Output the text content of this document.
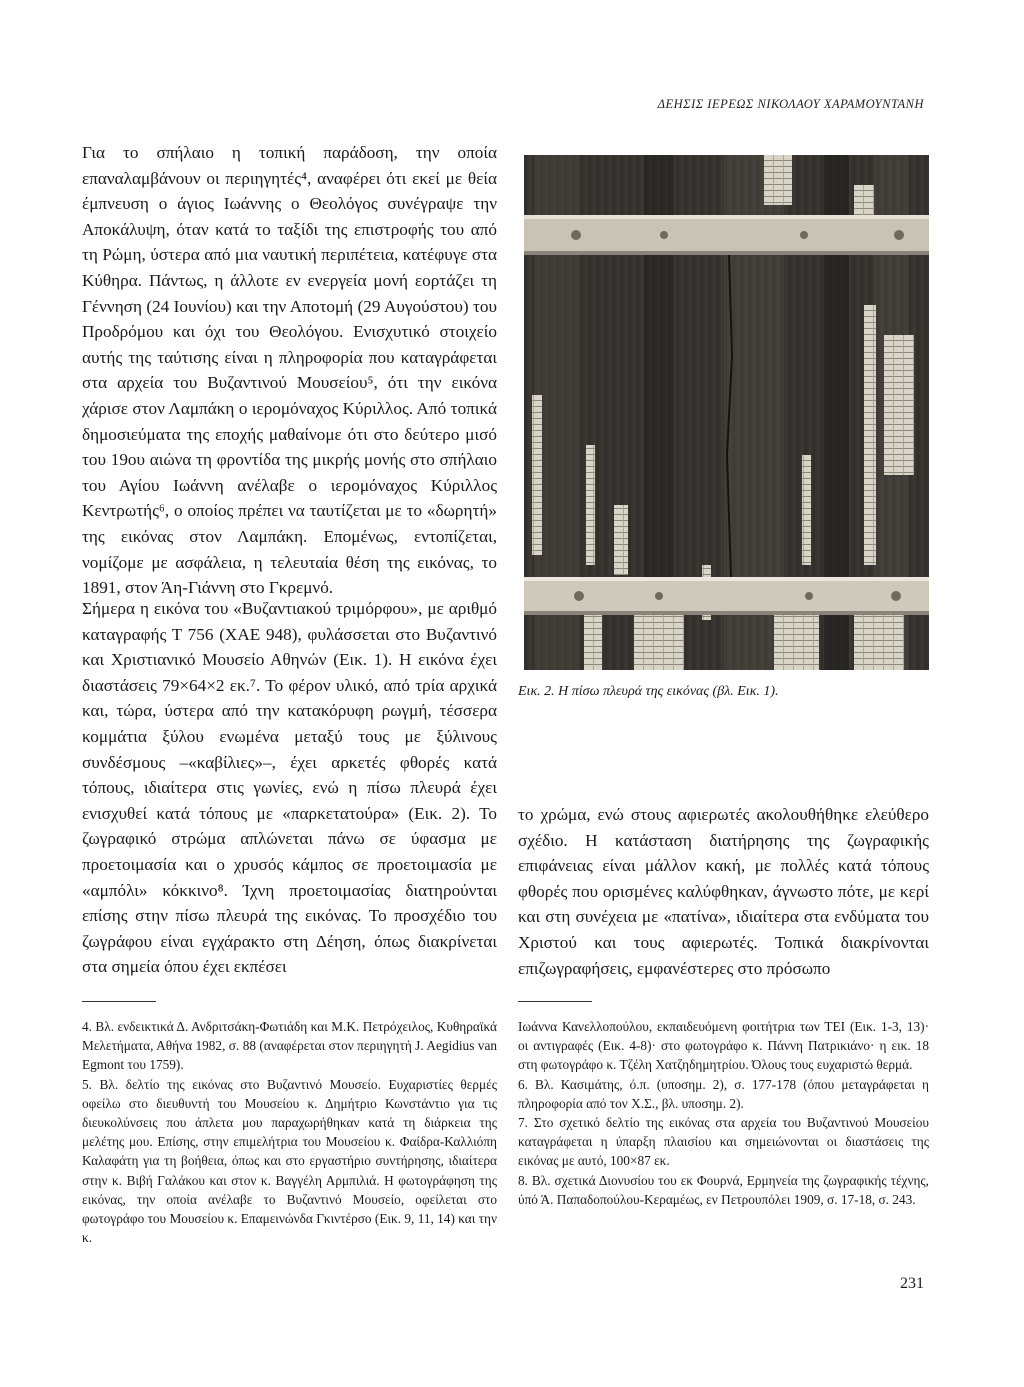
ΔΕΗΣΙΣ ΙΕΡΕΩΣ ΝΙΚΟΛΑΟΥ ΧΑΡΑΜΟΥΝΤΑΝΗ

Για το σπήλαιο η τοπική παράδοση, την οποία επαναλαμβάνουν οι περιηγητές⁴, αναφέρει ότι εκεί με θεία έμπνευση ο άγιος Ιωάννης ο Θεολόγος συνέγραψε την Αποκάλυψη, όταν κατά το ταξίδι της επιστροφής του από τη Ρώμη, ύστερα από μια ναυτική περιπέτεια, κατέφυγε στα Κύθηρα. Πάντως, η άλλοτε εν ενεργεία μονή εορτάζει τη Γέννηση (24 Ιουνίου) και την Αποτομή (29 Αυγούστου) του Προδρόμου και όχι του Θεολόγου. Ενισχυτικό στοιχείο αυτής της ταύτισης είναι η πληροφορία που καταγράφεται στα αρχεία του Βυζαντινού Μουσείου⁵, ότι την εικόνα χάρισε στον Λαμπάκη ο ιερομόναχος Κύριλλος. Από τοπικά δημοσιεύματα της εποχής μαθαίνομε ότι στο δεύτερο μισό του 19ου αιώνα τη φροντίδα της μικρής μονής στο σπήλαιο του Αγίου Ιωάννη ανέλαβε ο ιερομόναχος Κύριλλος Κεντρωτής⁶, ο οποίος πρέπει να ταυτίζεται με το «δωρητή» της εικόνας στον Λαμπάκη. Επομένως, εντοπίζεται, νομίζομε με ασφάλεια, η τελευταία θέση της εικόνας, το 1891, στον Άη-Γιάννη στο Γκρεμνό.

Σήμερα η εικόνα του «Βυζαντιακού τριμόρφου», με αριθμό καταγραφής Τ 756 (ΧΑΕ 948), φυλάσσεται στο Βυζαντινό και Χριστιανικό Μουσείο Αθηνών (Εικ. 1). Η εικόνα έχει διαστάσεις 79×64×2 εκ.⁷. Το φέρον υλικό, από τρία αρχικά και, τώρα, ύστερα από την κατακόρυφη ρωγμή, τέσσερα κομμάτια ξύλου ενωμένα μεταξύ τους με ξύλινους συνδέσμους –«καβίλιες»–, έχει αρκετές φθορές κατά τόπους, ιδιαίτερα στις γωνίες, ενώ η πίσω πλευρά έχει ενισχυθεί κατά τόπους με «παρκετατούρα» (Εικ. 2). Το ζωγραφικό στρώμα απλώνεται πάνω σε ύφασμα με προετοιμασία και ο χρυσός κάμπος σε προετοιμασία με «αμπόλι» κόκκινο⁸. Ίχνη προετοιμασίας διατηρούνται επίσης στην πίσω πλευρά της εικόνας. Το προσχέδιο του ζωγράφου είναι εγχάρακτο στη Δέηση, όπως διακρίνεται στα σημεία όπου έχει εκπέσει

Εικ. 2. Η πίσω πλευρά της εικόνας (βλ. Εικ. 1).

το χρώμα, ενώ στους αφιερωτές ακολουθήθηκε ελεύθερο σχέδιο. Η κατάσταση διατήρησης της ζωγραφικής επιφάνειας είναι μάλλον κακή, με πολλές κατά τόπους φθορές που ορισμένες καλύφθηκαν, άγνωστο πότε, με κερί και στη συνέχεια με «πατίνα», ιδιαίτερα στα ενδύματα του Χριστού και τους αφιερωτές. Τοπικά διακρίνονται επιζωγραφήσεις, εμφανέστερες στο πρόσωπο

4. Βλ. ενδεικτικά Δ. Ανδριτσάκη-Φωτιάδη και Μ.Κ. Πετρόχειλος, Κυθηραϊκά Μελετήματα, Αθήνα 1982, σ. 88 (αναφέρεται στον περιηγητή J. Aegidius van Egmont του 1759).

5. Βλ. δελτίο της εικόνας στο Βυζαντινό Μουσείο. Ευχαριστίες θερμές οφείλω στο διευθυντή του Μουσείου κ. Δημήτριο Κωνστάντιο για τις διευκολύνσεις που άπλετα μου παραχωρήθηκαν κατά τη διάρκεια της μελέτης μου. Επίσης, στην επιμελήτρια του Μουσείου κ. Φαίδρα-Καλλιόπη Καλαφάτη για τη βοήθεια, όπως και στο εργαστήριο συντήρησης, ιδιαίτερα στην κ. Βιβή Γαλάκου και στον κ. Βαγγέλη Αρμπιλιά. Η φωτογράφηση της εικόνας, την οποία ανέλαβε το Βυζαντινό Μουσείο, οφείλεται στο φωτογράφο του Μουσείου κ. Επαμεινώνδα Γκιντέρσο (Εικ. 9, 11, 14) και την κ.

Ιωάννα Κανελλοπούλου, εκπαιδευόμενη φοιτήτρια των ΤΕΙ (Εικ. 1-3, 13)· οι αντιγραφές (Εικ. 4-8)· στο φωτογράφο κ. Πάννη Πατρικιάνο· η εικ. 18 στη φωτογράφο κ. Τζέλη Χατζηδημητρίου. Όλους τους ευχαριστώ θερμά.

6. Βλ. Κασιμάτης, ό.π. (υποσημ. 2), σ. 177-178 (όπου μεταγράφεται η πληροφορία από τον Χ.Σ., βλ. υποσημ. 2).

7. Στο σχετικό δελτίο της εικόνας στα αρχεία του Βυζαντινού Μουσείου καταγράφεται η ύπαρξη πλαισίου και σημειώνονται οι διαστάσεις της εικόνας με αυτό, 100×87 εκ.

8. Βλ. σχετικά Διονυσίου του εκ Φουρνά, Ερμηνεία της ζωγραφικής τέχνης, ύπό Ά. Παπαδοπούλου-Κεραμέως, εν Πετρουπόλει 1909, σ. 17-18, σ. 243.

231
